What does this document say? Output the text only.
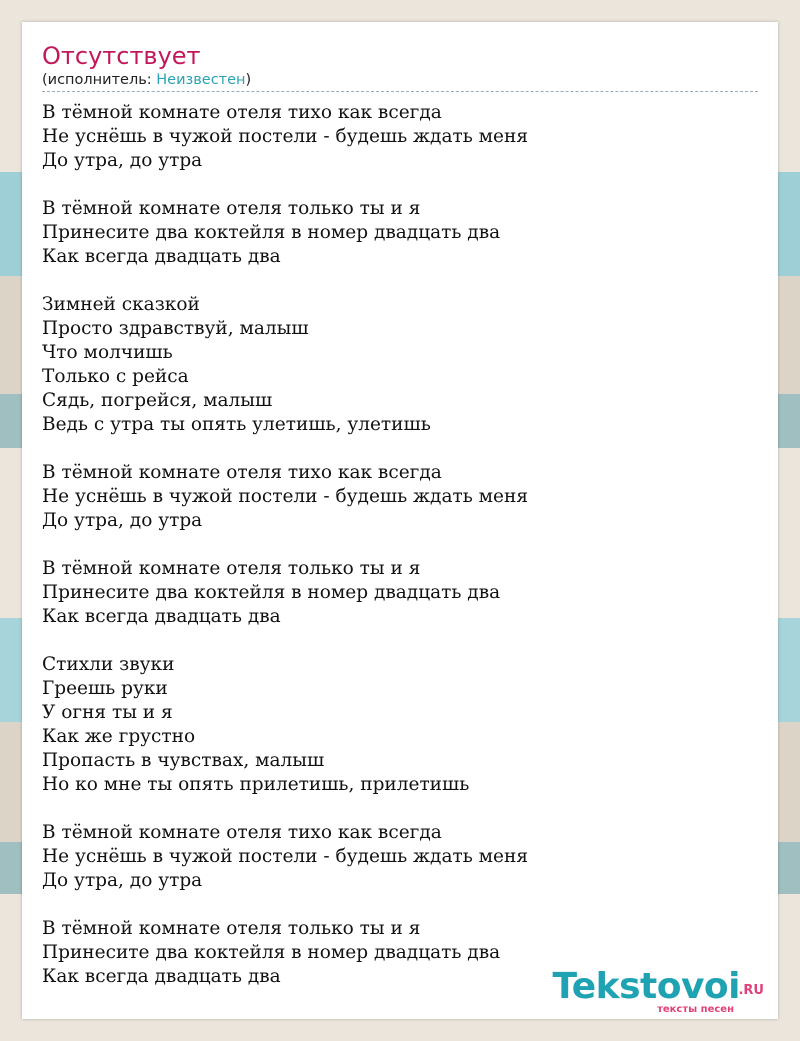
Отсутствует
(исполнитель: Неизвестен)
В тёмной комнате отеля тихо как всегда
Не уснёшь в чужой постели - будешь ждать меня
До утра, до утра
В тёмной комнате отеля только ты и я
Принесите два коктейля в номер двадцать два
Как всегда двадцать два
Зимней сказкой
Просто здравствуй, малыш
Что молчишь
Только с рейса
Сядь, погрейся, малыш
Ведь с утра ты опять улетишь, улетишь
В тёмной комнате отеля тихо как всегда
Не уснёшь в чужой постели - будешь ждать меня
До утра, до утра
В тёмной комнате отеля только ты и я
Принесите два коктейля в номер двадцать два
Как всегда двадцать два
Стихли звуки
Греешь руки
У огня ты и я
Как же грустно
Пропасть в чувствах, малыш
Но ко мне ты опять прилетишь, прилетишь
В тёмной комнате отеля тихо как всегда
Не уснёшь в чужой постели - будешь ждать меня
До утра, до утра
В тёмной комнате отеля только ты и я
Принесите два коктейля в номер двадцать два
Как всегда двадцать два	Tekstovoi
.RU
тексты песен
